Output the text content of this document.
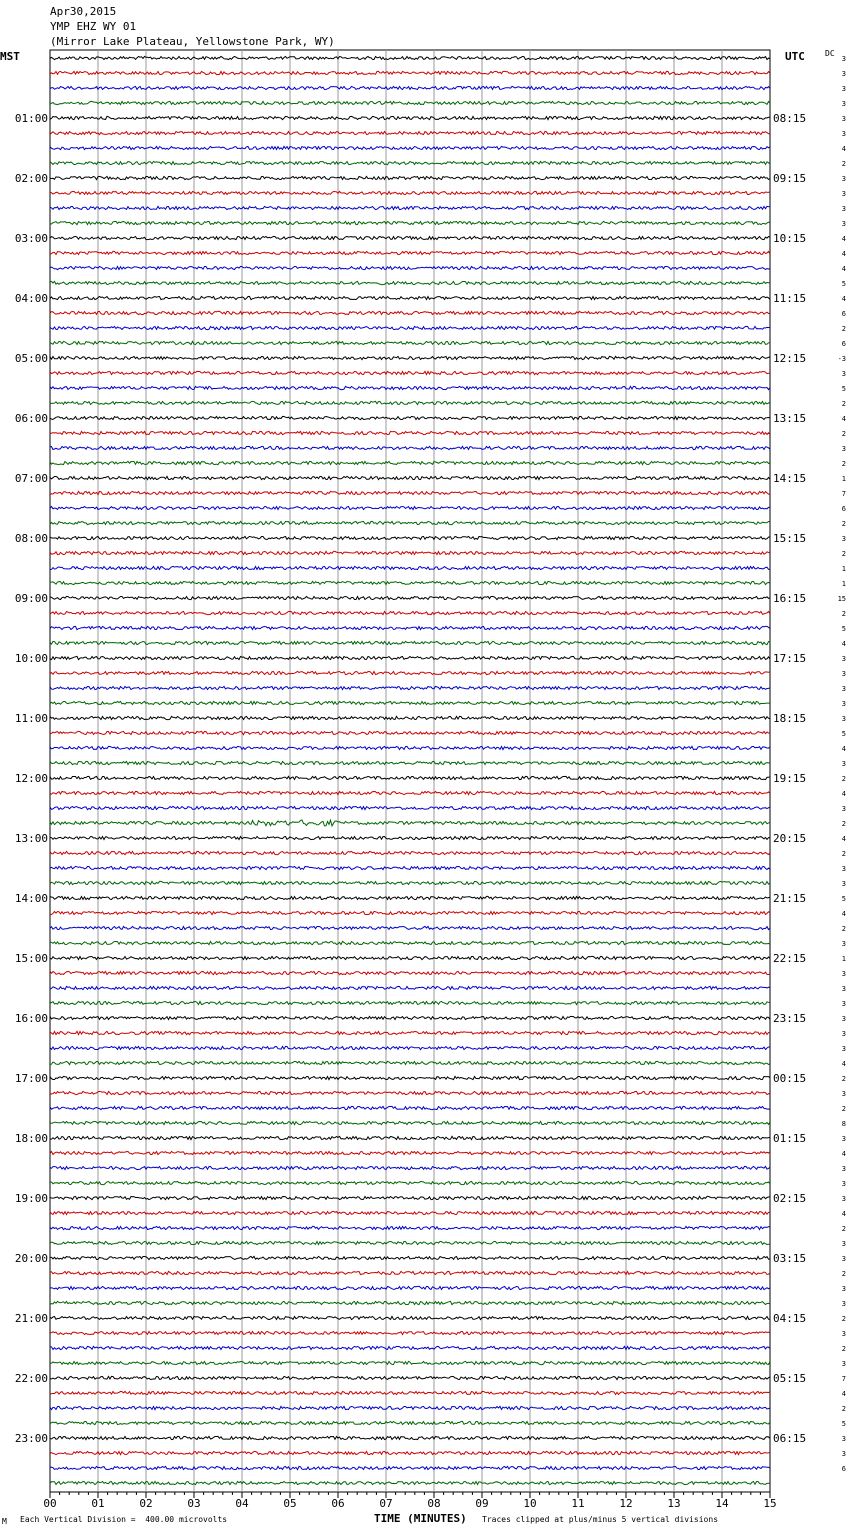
Apr30,2015
YMP EHZ WY 01
(Mirror Lake Plateau, Yellowstone Park, WY)
MST	UTC	DC
3
3
3
3
3
3
4
2
3
3
3
3
4
4
4
5
4
6
2
6
-3
3
5
2
4
2
3
2
1
7
6
2
3
2
1
1
15
2
5
4
3
3
3
3
3
5
4
3
2
4
3
2
4
2
3
3
5
4
2
3
1
3
3
3
3
3
3
4
2
3
2
8
3
4
3
3
3
4
2
3
3
2
3
3
2
3
2
3
7
4
2
5
3
3
6
01:00	08:15
02:00	09:15
03:00	10:15
04:00	11:15
05:00	12:15
06:00	13:15
07:00	14:15
08:00	15:15
09:00	16:15
10:00	17:15
11:00	18:15
12:00	19:15
13:00	20:15
14:00	21:15
15:00	22:15
16:00	23:15
17:00	00:15
18:00	01:15
19:00	02:15
20:00	03:15
21:00	04:15
22:00	05:15
23:00	06:15
00	01	02	03	04	05	06	07	08	09	10	11	12	13	14	15
M Each Vertical Division =  400.00 microvolts	TIME (MINUTES) Traces clipped at plus/minus 5 vertical divisions
